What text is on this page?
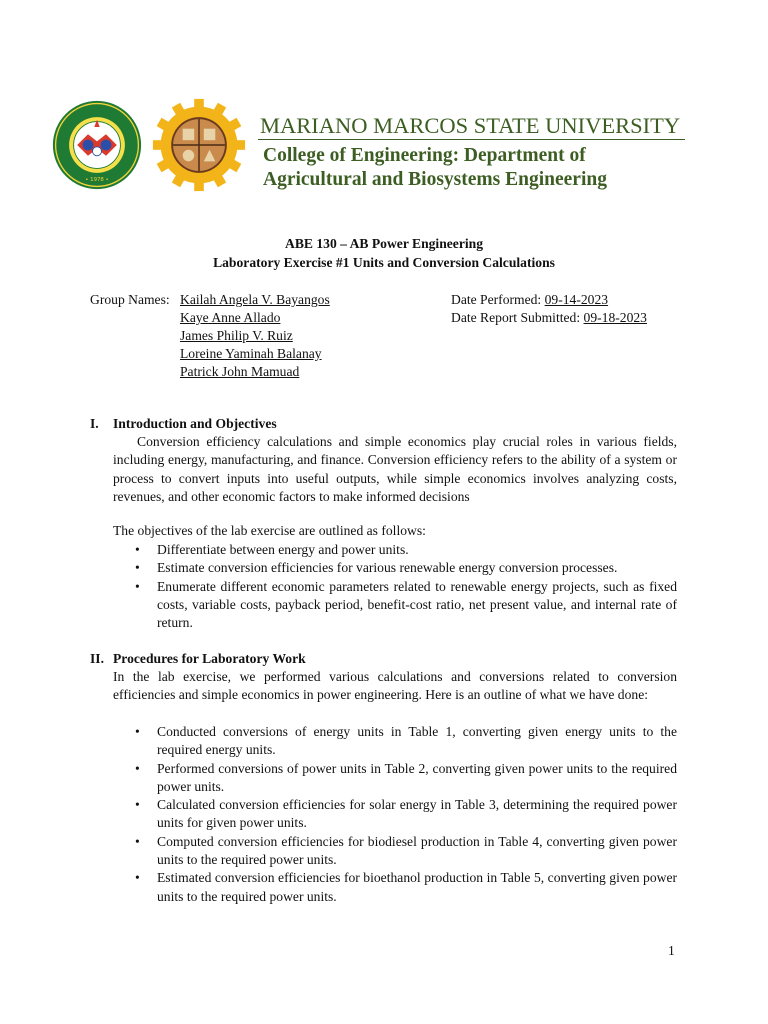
• 1978 •
MARIANO MARCOS STATE UNIVERSITY
College of Engineering: Department of
Agricultural and Biosystems Engineering
ABE 130 – AB Power Engineering
Laboratory Exercise #1 Units and Conversion Calculations
Group Names: Kailah Angela V. Bayangos
Kaye Anne Allado
James Philip V. Ruiz
Loreine Yaminah Balanay
Patrick John Mamuad
Date Performed: 09-14-2023
Date Report Submitted: 09-18-2023
I. Introduction and Objectives
Conversion efficiency calculations and simple economics play crucial roles in various fields, including energy, manufacturing, and finance. Conversion efficiency refers to the ability of a system or process to convert inputs into useful outputs, while simple economics involves analyzing costs, revenues, and other economic factors to make informed decisions
The objectives of the lab exercise are outlined as follows:
• Differentiate between energy and power units.
• Estimate conversion efficiencies for various renewable energy conversion processes.
• Enumerate different economic parameters related to renewable energy projects, such as fixed costs, variable costs, payback period, benefit-cost ratio, net present value, and internal rate of return.
II. Procedures for Laboratory Work
In the lab exercise, we performed various calculations and conversions related to conversion efficiencies and simple economics in power engineering. Here is an outline of what we have done:
• Conducted conversions of energy units in Table 1, converting given energy units to the required energy units.
• Performed conversions of power units in Table 2, converting given power units to the required power units.
• Calculated conversion efficiencies for solar energy in Table 3, determining the required power units for given power units.
• Computed conversion efficiencies for biodiesel production in Table 4, converting given power units to the required power units.
• Estimated conversion efficiencies for bioethanol production in Table 5, converting given power units to the required power units.
1
